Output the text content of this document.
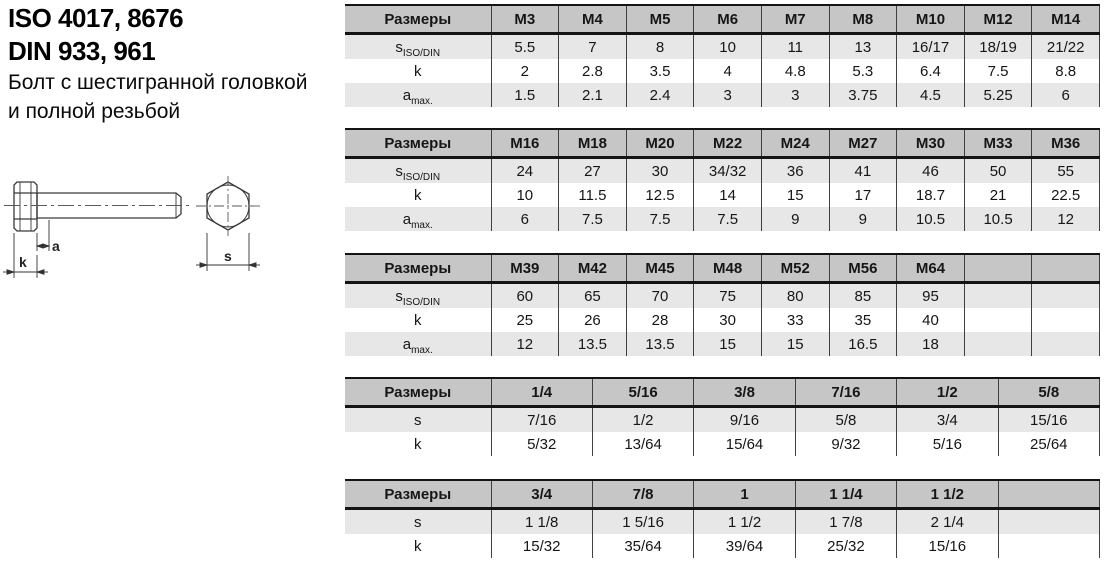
ISO 4017, 8676
DIN 933, 961
Болт с шестигранной головкой
и полной резьбой
a
k	s
Размеры	M3	M4	M5	M6	M7	M8	M10	M12	M14
$s_{ISO/DIN}$	5.5	7	8	10	11	13	16/17	18/19	21/22
k	2	2.8	3.5	4	4.8	5.3	6.4	7.5	8.8
$a_{max.}$	1.5	2.1	2.4	3	3	3.75	4.5	5.25	6
Размеры	M16	M18	M20	M22	M24	M27	M30	M33	M36
$s_{ISO/DIN}$	24	27	30	34/32	36	41	46	50	55
k	10	11.5	12.5	14	15	17	18.7	21	22.5
$a_{max.}$	6	7.5	7.5	7.5	9	9	10.5	10.5	12
Размеры	M39	M42	M45	M48	M52	M56	M64		
$s_{ISO/DIN}$	60	65	70	75	80	85	95		
k	25	26	28	30	33	35	40		
$a_{max.}$	12	13.5	13.5	15	15	16.5	18		
Размеры	1/4	5/16	3/8	7/16	1/2	5/8
s	7/16	1/2	9/16	5/8	3/4	15/16
k	5/32	13/64	15/64	9/32	5/16	25/64
Размеры	3/4	7/8	1	1 1/4	1 1/2	
s	1 1/8	1 5/16	1 1/2	1 7/8	2 1/4	
k	15/32	35/64	39/64	25/32	15/16	
